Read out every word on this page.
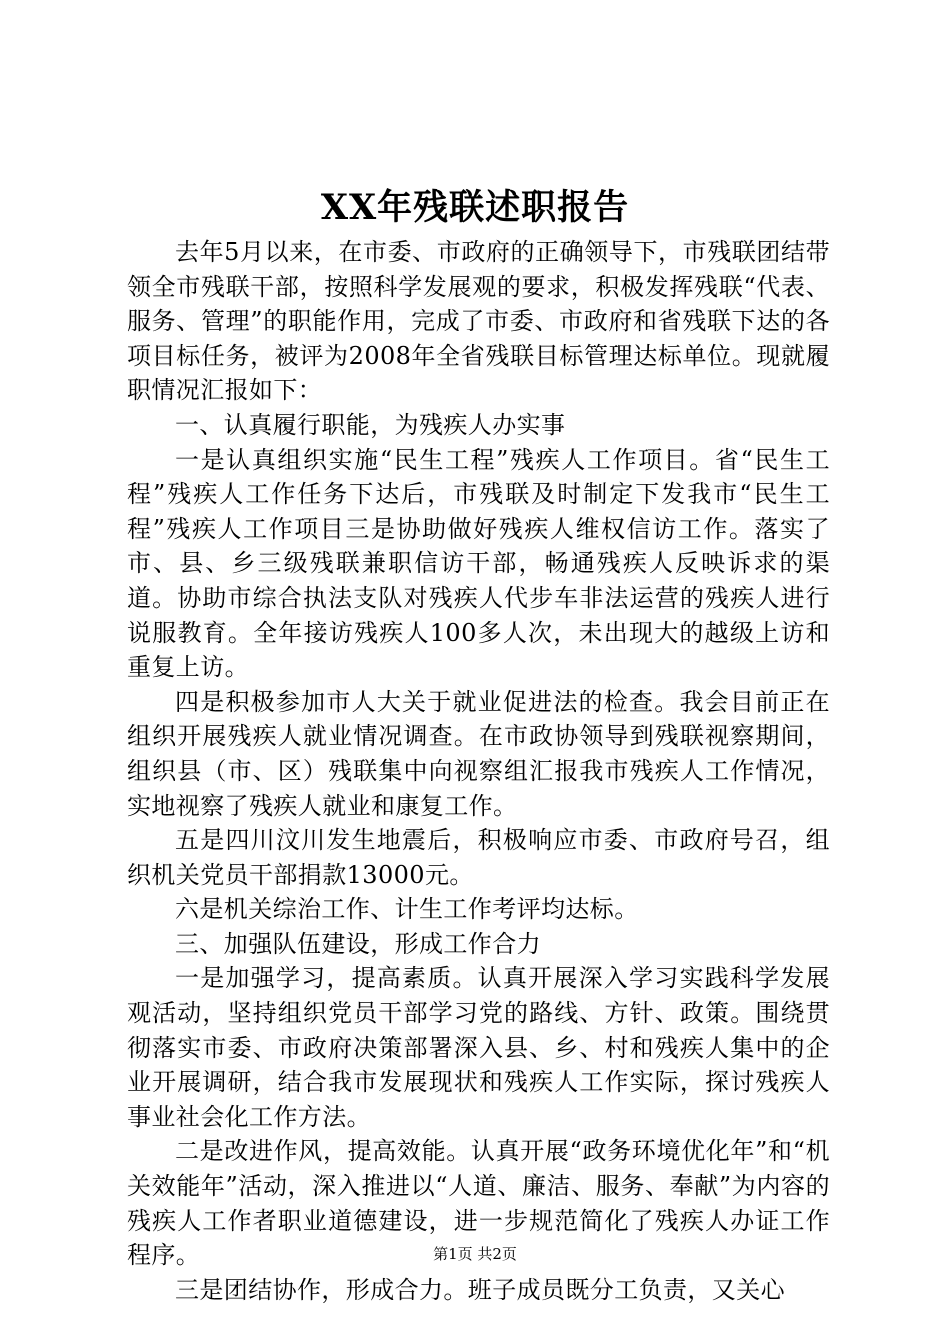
XX年残联述职报告

去年5月以来，在市委、市政府的正确领导下，市残联团结带领全市残联干部，按照科学发展观的要求，积极发挥残联“代表、服务、管理”的职能作用，完成了市委、市政府和省残联下达的各项目标任务，被评为2008年全省残联目标管理达标单位。现就履职情况汇报如下：

一、认真履行职能，为残疾人办实事

一是认真组织实施“民生工程”残疾人工作项目。省“民生工程”残疾人工作任务下达后，市残联及时制定下发我市“民生工程”残疾人工作项目三是协助做好残疾人维权信访工作。落实了市、县、乡三级残联兼职信访干部，畅通残疾人反映诉求的渠道。协助市综合执法支队对残疾人代步车非法运营的残疾人进行说服教育。全年接访残疾人100多人次，未出现大的越级上访和重复上访。

四是积极参加市人大关于就业促进法的检查。我会目前正在组织开展残疾人就业情况调查。在市政协领导到残联视察期间，组织县（市、区）残联集中向视察组汇报我市残疾人工作情况，实地视察了残疾人就业和康复工作。

五是四川汶川发生地震后，积极响应市委、市政府号召，组织机关党员干部捐款13000元。

六是机关综治工作、计生工作考评均达标。

三、加强队伍建设，形成工作合力

一是加强学习，提高素质。认真开展深入学习实践科学发展观活动，坚持组织党员干部学习党的路线、方针、政策。围绕贯彻落实市委、市政府决策部署深入县、乡、村和残疾人集中的企业开展调研，结合我市发展现状和残疾人工作实际，探讨残疾人事业社会化工作方法。

二是改进作风，提高效能。认真开展“政务环境优化年”和“机关效能年”活动，深入推进以“人道、廉洁、服务、奉献”为内容的残疾人工作者职业道德建设，进一步规范简化了残疾人办证工作程序。

三是团结协作，形成合力。班子成员既分工负责，又关心

第1页 共2页
